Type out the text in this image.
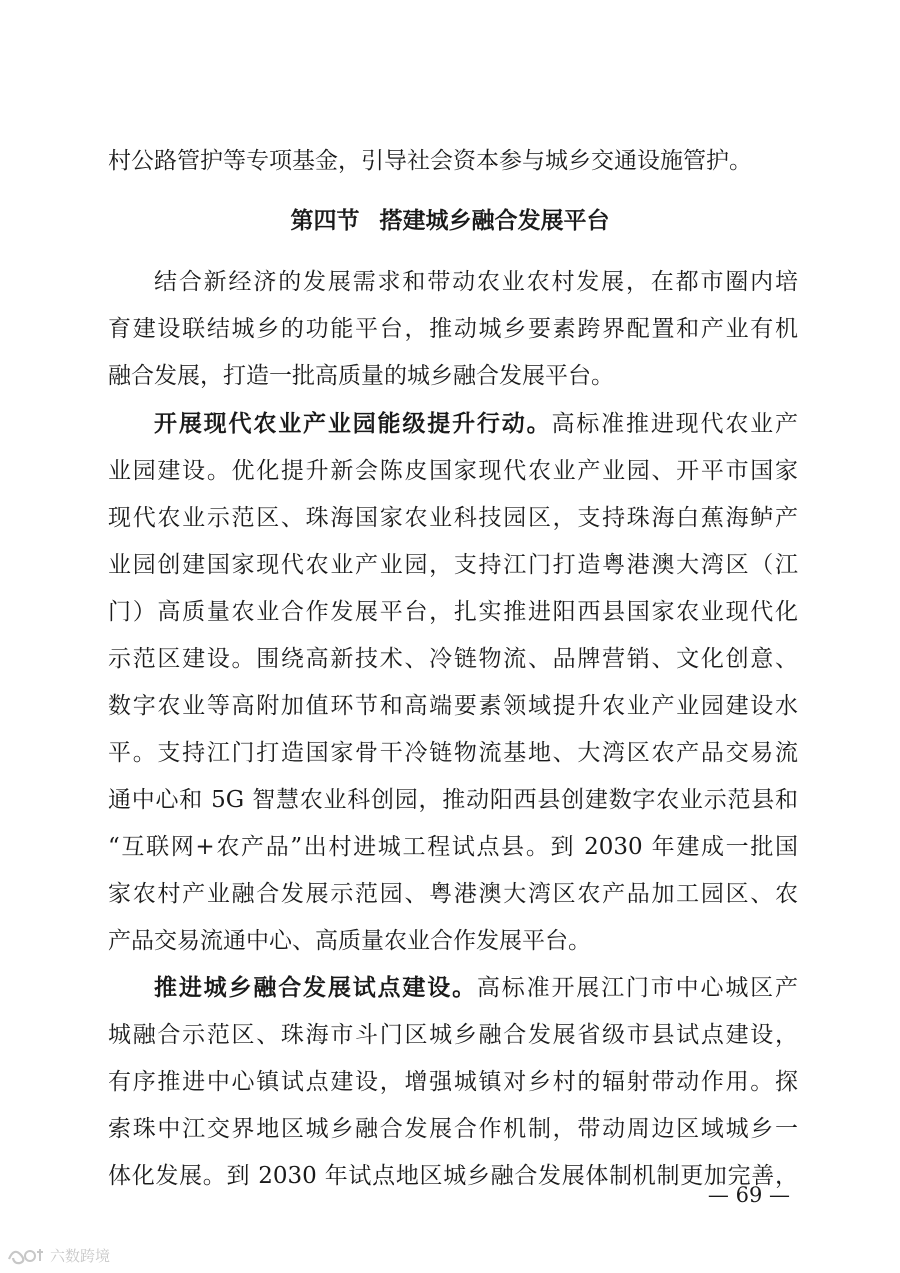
村公路管护等专项基金，引导社会资本参与城乡交通设施管护。
第四节 搭建城乡融合发展平台
结合新经济的发展需求和带动农业农村发展，在都市圈内培
育建设联结城乡的功能平台，推动城乡要素跨界配置和产业有机
融合发展，打造一批高质量的城乡融合发展平台。
开展现代农业产业园能级提升行动。高标准推进现代农业产
业园建设。优化提升新会陈皮国家现代农业产业园、开平市国家
现代农业示范区、珠海国家农业科技园区，支持珠海白蕉海鲈产
业园创建国家现代农业产业园，支持江门打造粤港澳大湾区（江
门）高质量农业合作发展平台，扎实推进阳西县国家农业现代化
示范区建设。围绕高新技术、冷链物流、品牌营销、文化创意、
数字农业等高附加值环节和高端要素领域提升农业产业园建设水
平。支持江门打造国家骨干冷链物流基地、大湾区农产品交易流
通中心和 5G 智慧农业科创园，推动阳西县创建数字农业示范县和
“互联网+农产品”出村进城工程试点县。到 2030 年建成一批国
家农村产业融合发展示范园、粤港澳大湾区农产品加工园区、农
产品交易流通中心、高质量农业合作发展平台。
推进城乡融合发展试点建设。高标准开展江门市中心城区产
城融合示范区、珠海市斗门区城乡融合发展省级市县试点建设，
有序推进中心镇试点建设，增强城镇对乡村的辐射带动作用。探
索珠中江交界地区城乡融合发展合作机制，带动周边区域城乡一
体化发展。到 2030 年试点地区城乡融合发展体制机制更加完善，
— 69 —
六数跨境
